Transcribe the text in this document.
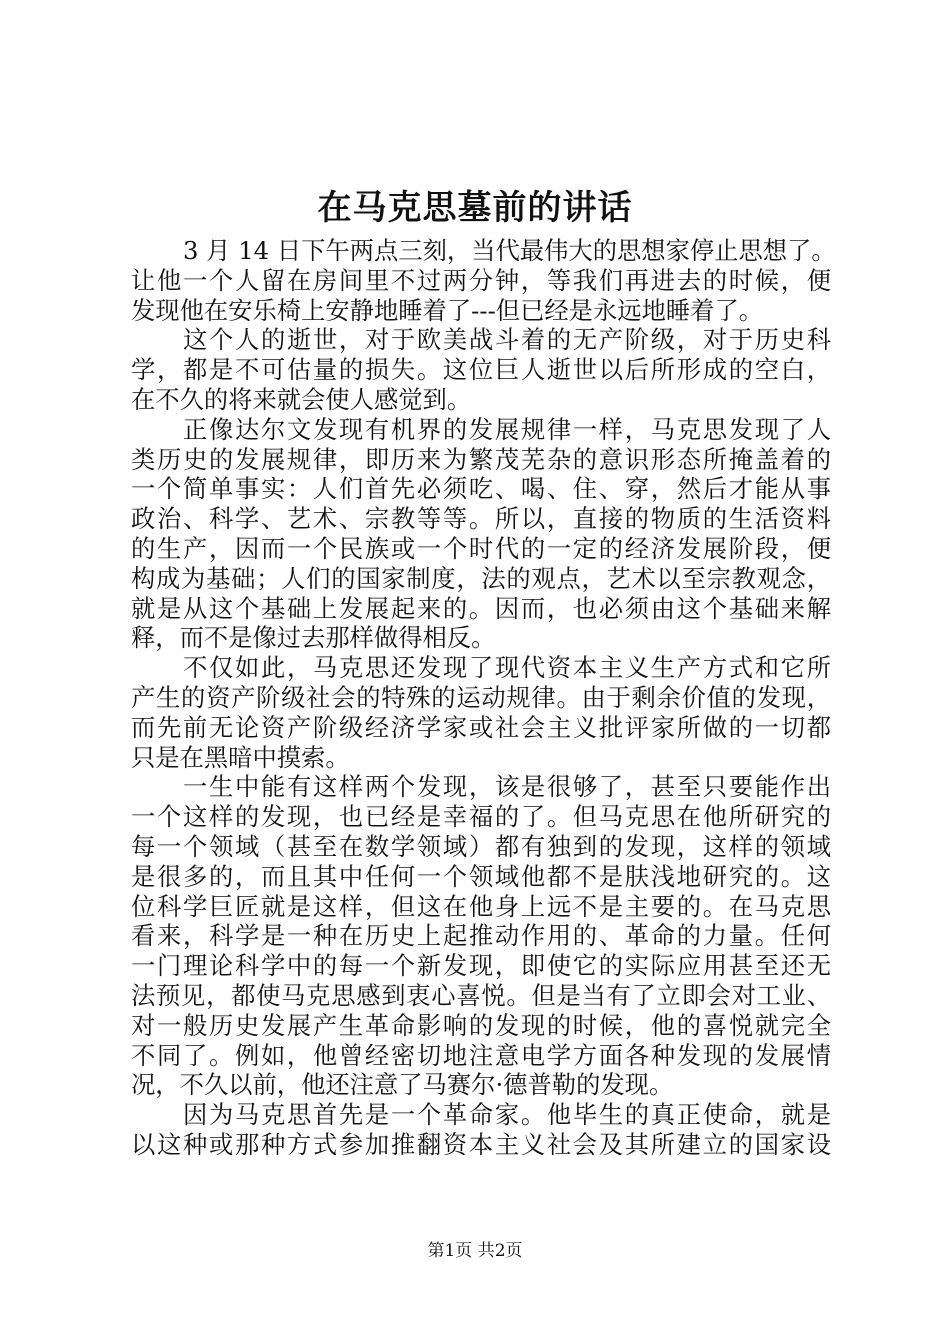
在马克思墓前的讲话
3 月 14 日下午两点三刻，当代最伟大的思想家停止思想了。
让他一个人留在房间里不过两分钟，等我们再进去的时候，便
发现他在安乐椅上安静地睡着了---但已经是永远地睡着了。
这个人的逝世，对于欧美战斗着的无产阶级，对于历史科
学，都是不可估量的损失。这位巨人逝世以后所形成的空白，
在不久的将来就会使人感觉到。
正像达尔文发现有机界的发展规律一样，马克思发现了人
类历史的发展规律，即历来为繁茂芜杂的意识形态所掩盖着的
一个简单事实：人们首先必须吃、喝、住、穿，然后才能从事
政治、科学、艺术、宗教等等。所以，直接的物质的生活资料
的生产，因而一个民族或一个时代的一定的经济发展阶段，便
构成为基础；人们的国家制度，法的观点，艺术以至宗教观念，
就是从这个基础上发展起来的。因而，也必须由这个基础来解
释，而不是像过去那样做得相反。
不仅如此，马克思还发现了现代资本主义生产方式和它所
产生的资产阶级社会的特殊的运动规律。由于剩余价值的发现，
而先前无论资产阶级经济学家或社会主义批评家所做的一切都
只是在黑暗中摸索。
一生中能有这样两个发现，该是很够了，甚至只要能作出
一个这样的发现，也已经是幸福的了。但马克思在他所研究的
每一个领域（甚至在数学领域）都有独到的发现，这样的领域
是很多的，而且其中任何一个领域他都不是肤浅地研究的。这
位科学巨匠就是这样，但这在他身上远不是主要的。在马克思
看来，科学是一种在历史上起推动作用的、革命的力量。任何
一门理论科学中的每一个新发现，即使它的实际应用甚至还无
法预见，都使马克思感到衷心喜悦。但是当有了立即会对工业、
对一般历史发展产生革命影响的发现的时候，他的喜悦就完全
不同了。例如，他曾经密切地注意电学方面各种发现的发展情
况，不久以前，他还注意了马赛尔·德普勒的发现。
因为马克思首先是一个革命家。他毕生的真正使命，就是
以这种或那种方式参加推翻资本主义社会及其所建立的国家设
第1页 共2页
